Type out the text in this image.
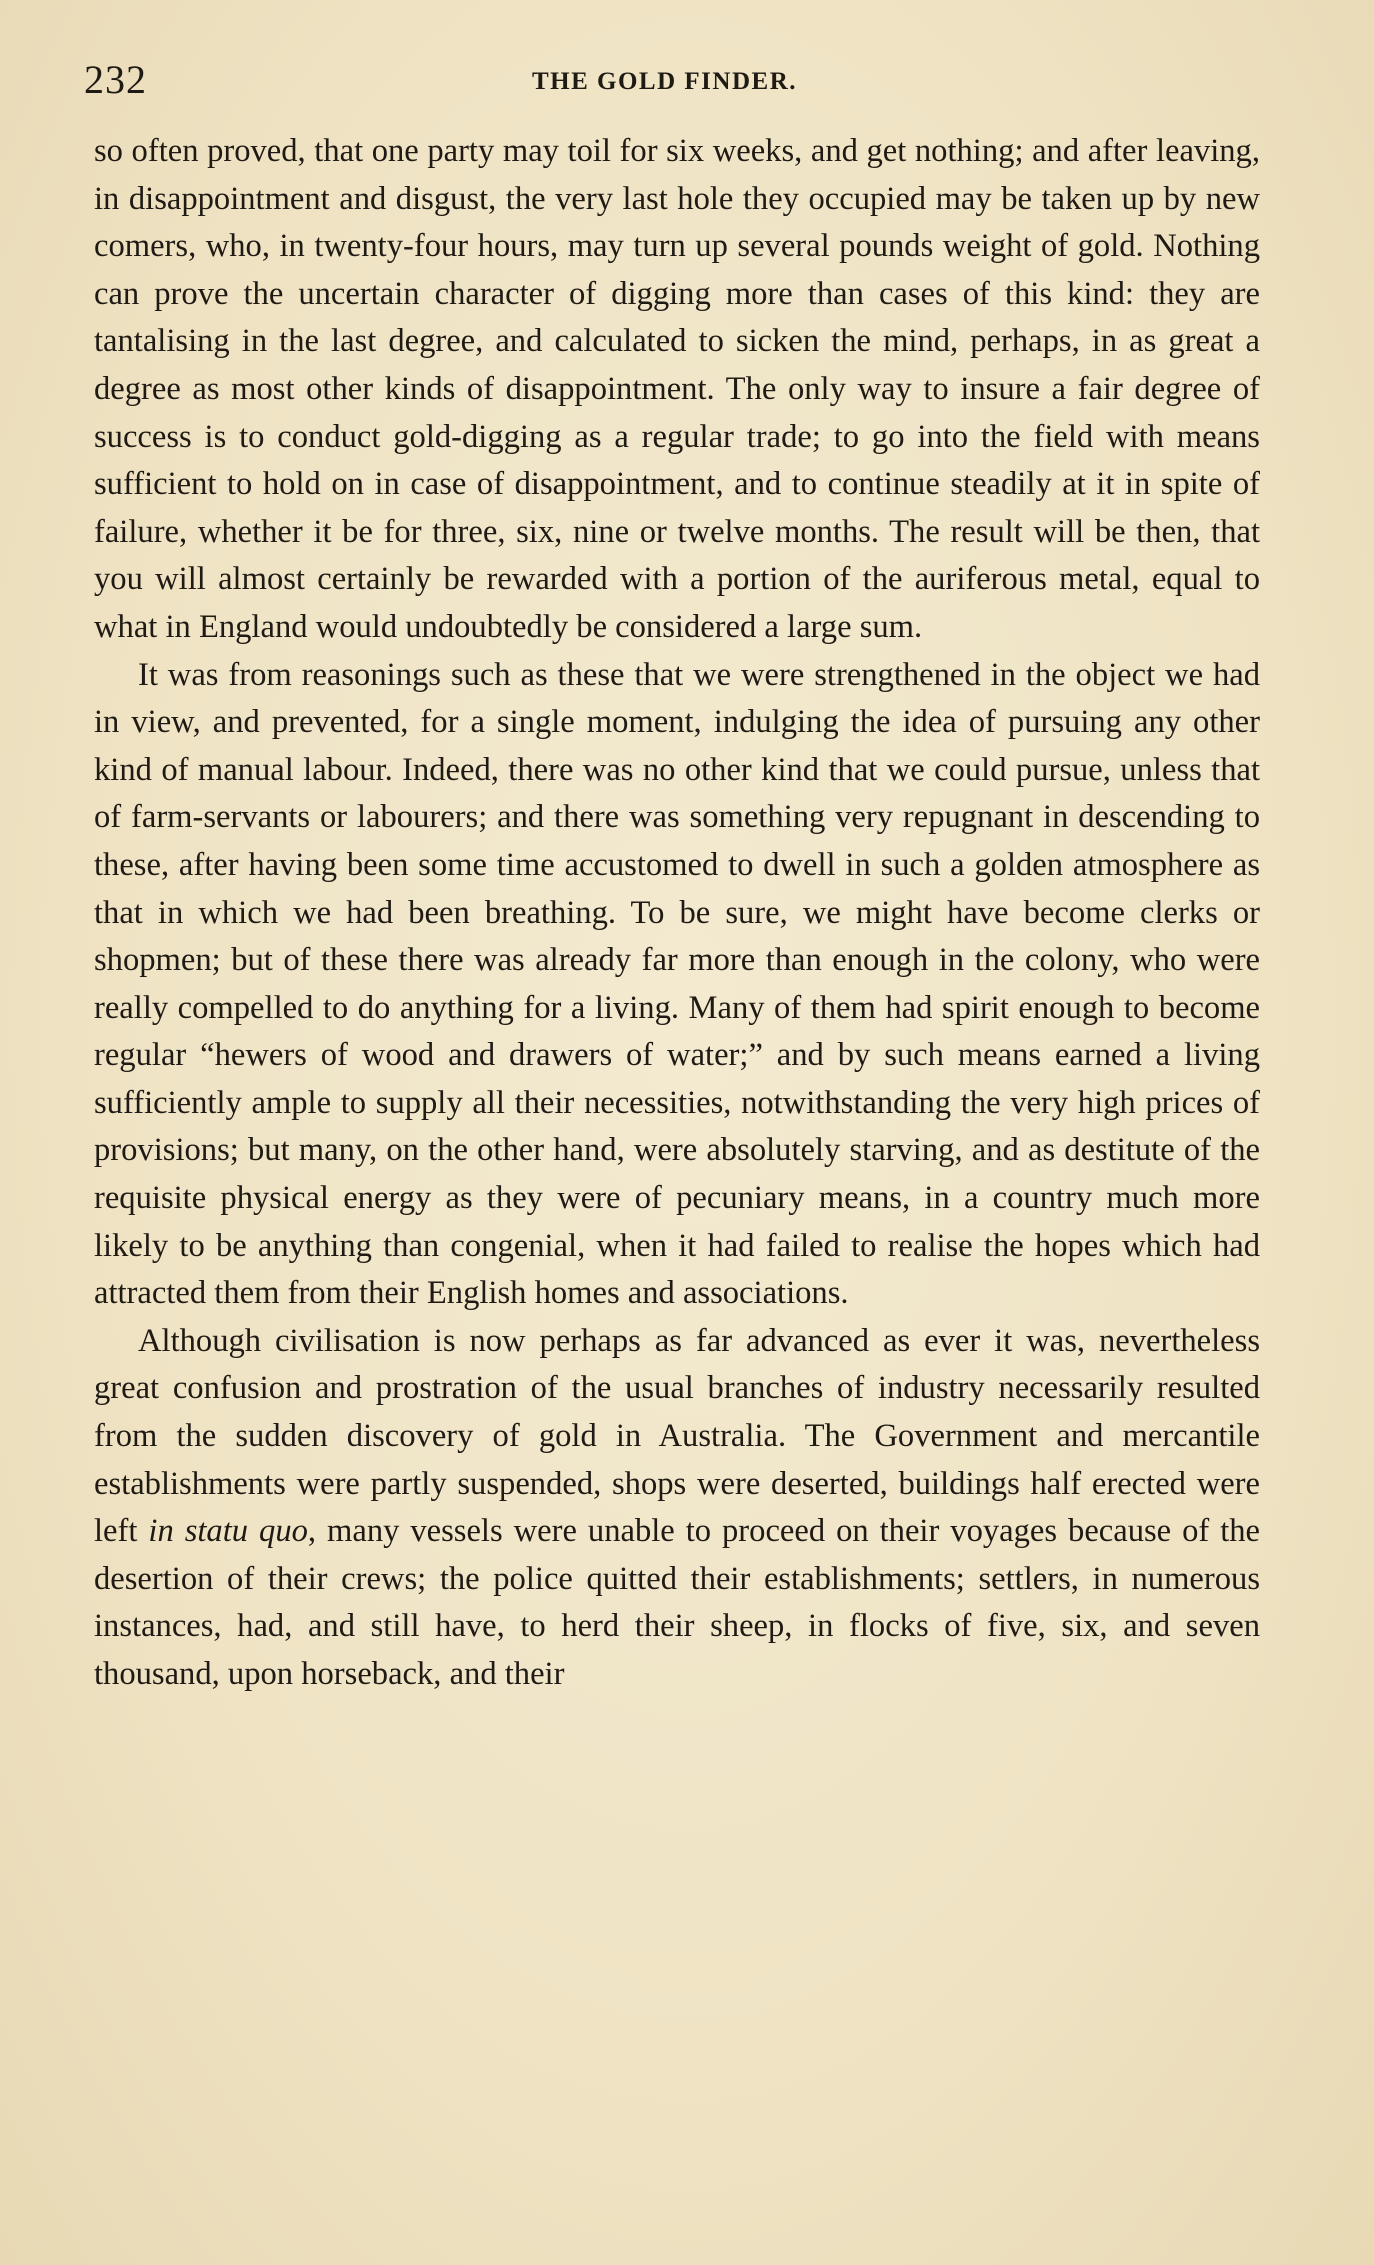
232	THE GOLD FINDER.

so often proved, that one party may toil for six weeks, and get nothing; and after leaving, in disappointment and disgust, the very last hole they occupied may be taken up by new comers, who, in twenty-four hours, may turn up several pounds weight of gold. Nothing can prove the uncertain character of digging more than cases of this kind: they are tantalising in the last degree, and calculated to sicken the mind, perhaps, in as great a degree as most other kinds of disappointment. The only way to insure a fair degree of success is to conduct gold-digging as a regular trade; to go into the field with means sufficient to hold on in case of disappointment, and to continue steadily at it in spite of failure, whether it be for three, six, nine or twelve months. The result will be then, that you will almost certainly be rewarded with a portion of the auriferous metal, equal to what in England would undoubtedly be considered a large sum.

It was from reasonings such as these that we were strengthened in the object we had in view, and prevented, for a single moment, indulging the idea of pursuing any other kind of manual labour. Indeed, there was no other kind that we could pursue, unless that of farm-servants or labourers; and there was something very repugnant in descending to these, after having been some time accustomed to dwell in such a golden atmosphere as that in which we had been breathing. To be sure, we might have become clerks or shopmen; but of these there was already far more than enough in the colony, who were really compelled to do anything for a living. Many of them had spirit enough to become regular “hewers of wood and drawers of water;” and by such means earned a living sufficiently ample to supply all their necessities, notwithstanding the very high prices of provisions; but many, on the other hand, were absolutely starving, and as destitute of the requisite physical energy as they were of pecuniary means, in a country much more likely to be anything than congenial, when it had failed to realise the hopes which had attracted them from their English homes and associations.

Although civilisation is now perhaps as far advanced as ever it was, nevertheless great confusion and prostration of the usual branches of industry necessarily resulted from the sudden discovery of gold in Australia. The Government and mercantile establishments were partly suspended, shops were deserted, buildings half erected were left in statu quo, many vessels were unable to proceed on their voyages because of the desertion of their crews; the police quitted their establishments; settlers, in numerous instances, had, and still have, to herd their sheep, in flocks of five, six, and seven thousand, upon horseback, and their
